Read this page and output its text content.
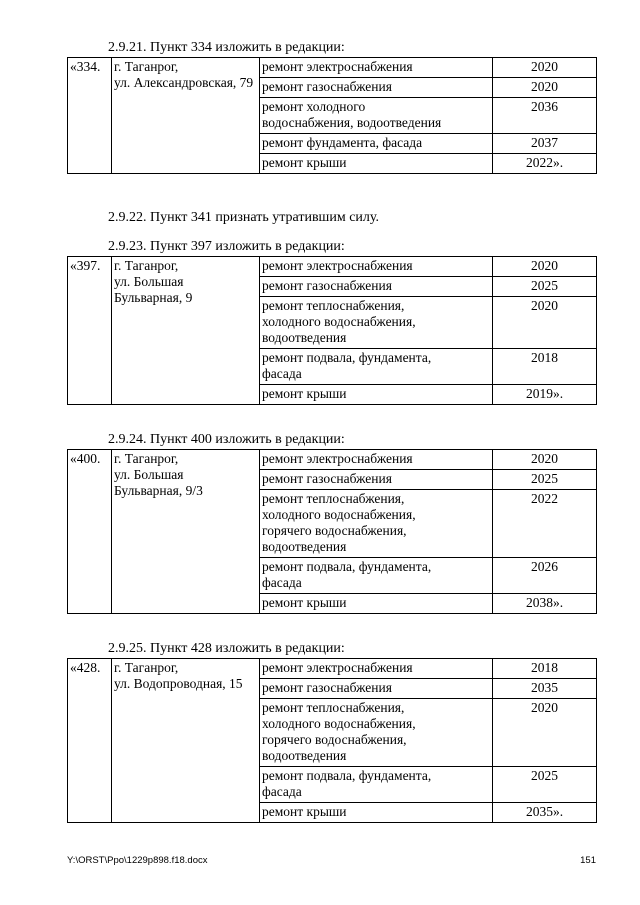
2.9.21. Пункт 334 изложить в редакции:
«334.	г. Таганрог,
ул. Александровская, 79	ремонт электроснабжения	2020

		ремонт газоснабжения	2020

		ремонт холодного
водоснабжения, водоотведения	2036

		ремонт фундамента, фасада	2037

		ремонт крыши	2022».
2.9.22. Пункт 341 признать утратившим силу.
2.9.23. Пункт 397 изложить в редакции:
«397.	г. Таганрог,
ул. Большая
Бульварная, 9	ремонт электроснабжения	2020

		ремонт газоснабжения	2025

		ремонт теплоснабжения,
холодного водоснабжения,
водоотведения	2020

		ремонт подвала, фундамента,
фасада	2018

		ремонт крыши	2019».
2.9.24. Пункт 400 изложить в редакции:
«400.	г. Таганрог,
ул. Большая
Бульварная, 9/3	ремонт электроснабжения	2020

		ремонт газоснабжения	2025

		ремонт теплоснабжения,
холодного водоснабжения,
горячего водоснабжения,
водоотведения	2022

		ремонт подвала, фундамента,
фасада	2026

		ремонт крыши	2038».
2.9.25. Пункт 428 изложить в редакции:
«428.	г. Таганрог,
ул. Водопроводная, 15	ремонт электроснабжения	2018

		ремонт газоснабжения	2035

		ремонт теплоснабжения,
холодного водоснабжения,
горячего водоснабжения,
водоотведения	2020

		ремонт подвала, фундамента,
фасада	2025

		ремонт крыши	2035».
Y:\ORST\Ppo\1229p898.f18.docx	151
